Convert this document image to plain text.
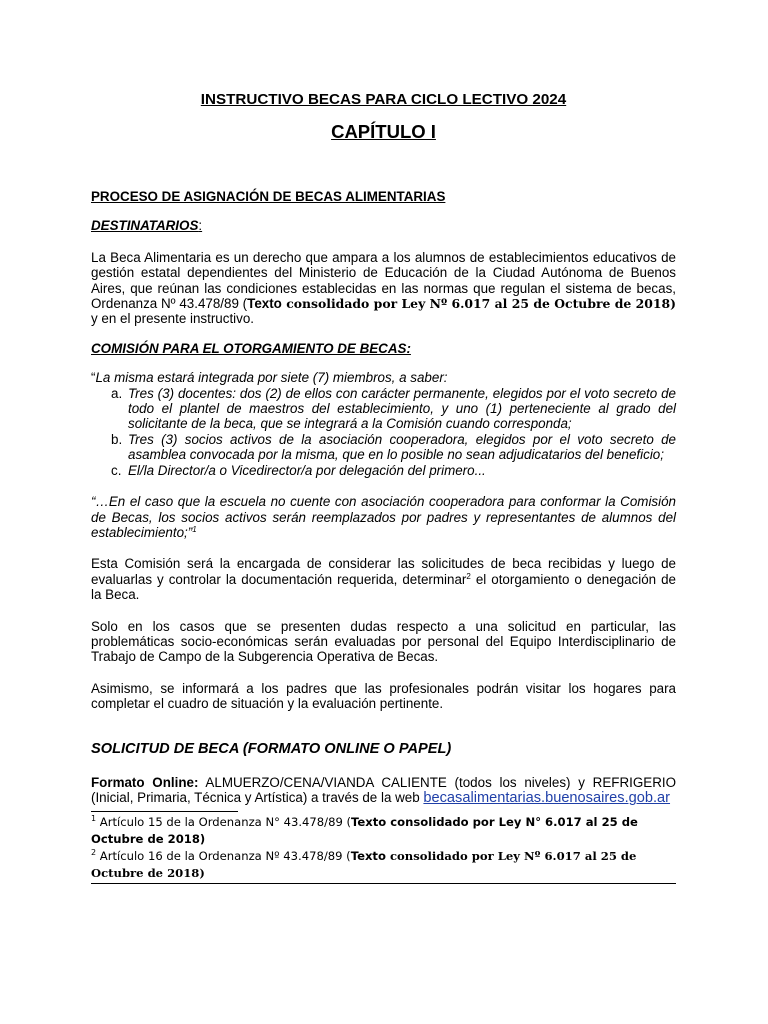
INSTRUCTIVO BECAS PARA CICLO LECTIVO 2024
CAPÍTULO I
PROCESO DE ASIGNACIÓN DE BECAS ALIMENTARIAS
DESTINATARIOS:

La Beca Alimentaria es un derecho que ampara a los alumnos de establecimientos educativos de gestión estatal dependientes del Ministerio de Educación de la Ciudad Autónoma de Buenos Aires, que reúnan las condiciones establecidas en las normas que regulan el sistema de becas, Ordenanza Nº 43.478/89 (Texto consolidado por Ley Nº 6.017 al 25 de Octubre de 2018) y en el presente instructivo.

COMISIÓN PARA EL OTORGAMIENTO DE BECAS:

“La misma estará integrada por siete (7) miembros, a saber:

a. Tres (3) docentes: dos (2) de ellos con carácter permanente, elegidos por el voto secreto de todo el plantel de maestros del establecimiento, y uno (1) perteneciente al grado del solicitante de la beca, que se integrará a la Comisión cuando corresponda;
b. Tres (3) socios activos de la asociación cooperadora, elegidos por el voto secreto de asamblea convocada por la misma, que en lo posible no sean adjudicatarios del beneficio;
c. El/la Director/a o Vicedirector/a por delegación del primero...

“…En el caso que la escuela no cuente con asociación cooperadora para conformar la Comisión de Becas, los socios activos serán reemplazados por padres y representantes de alumnos del establecimiento;”$^1$

Esta Comisión será la encargada de considerar las solicitudes de beca recibidas y luego de evaluarlas y controlar la documentación requerida, determinar$^2$ el otorgamiento o denegación de la Beca.

Solo en los casos que se presenten dudas respecto a una solicitud en particular, las problemáticas socio-económicas serán evaluadas por personal del Equipo Interdisciplinario de Trabajo de Campo de la Subgerencia Operativa de Becas.

Asimismo, se informará a los padres que las profesionales podrán visitar los hogares para completar el cuadro de situación y la evaluación pertinente.

SOLICITUD DE BECA (FORMATO ONLINE O PAPEL)

Formato Online: ALMUERZO/CENA/VIANDA CALIENTE (todos los niveles) y REFRIGERIO (Inicial, Primaria, Técnica y Artística) a través de la web becasalimentarias.buenosaires.gob.ar

$^1$ Artículo 15 de la Ordenanza N° 43.478/89 (Texto consolidado por Ley N° 6.017 al 25 de Octubre de 2018)

$^2$ Artículo 16 de la Ordenanza Nº 43.478/89 (Texto consolidado por Ley Nº 6.017 al 25 de Octubre de 2018)
